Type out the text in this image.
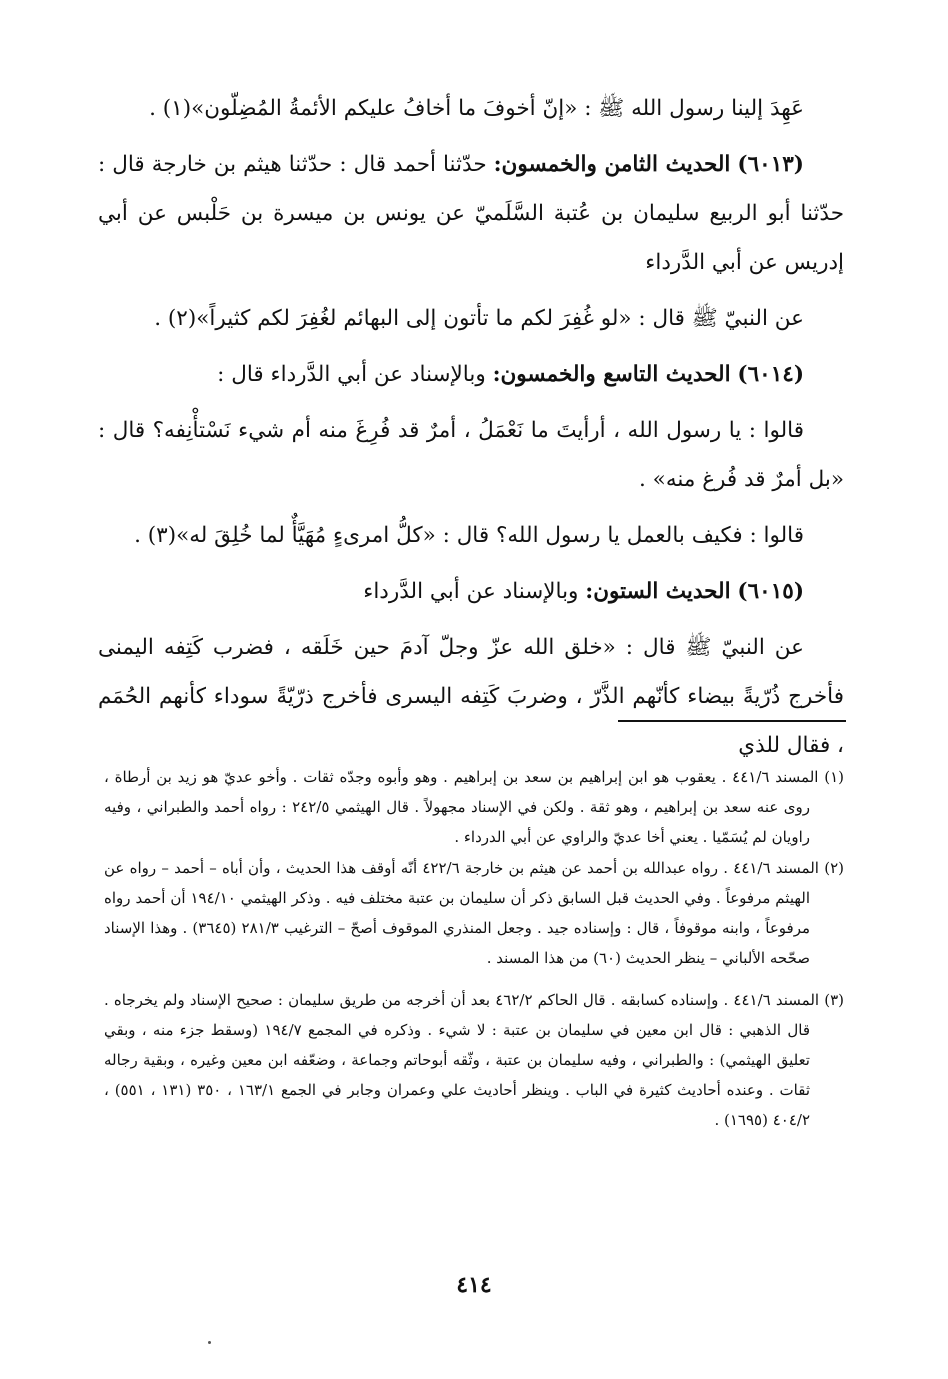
عَهِدَ إلينا رسول الله ﷺ : «إنّ أخوفَ ما أخافُ عليكم الأئمةُ المُضِلّون»(١) .

(٦٠١٣) الحديث الثامن والخمسون: حدّثنا أحمد قال : حدّثنا هيثم بن خارجة قال : حدّثنا أبو الربيع سليمان بن عُتبة السَّلَميّ عن يونس بن ميسرة بن حَلْبس عن أبي إدريس عن أبي الدَّرداء

عن النبيّ ﷺ قال : «لو غُفِرَ لكم ما تأتون إلى البهائم لغُفِرَ لكم كثيراً»(٢) .

(٦٠١٤) الحديث التاسع والخمسون: وبالإسناد عن أبي الدَّرداء قال :

قالوا : يا رسول الله ، أرأيتَ ما نَعْمَلُ ، أمرٌ قد فُرِغَ منه أم شيء نَسْتأْنِفه؟ قال : «بل أمرٌ قد فُرغ منه» .

قالوا : فكيف بالعمل يا رسول الله؟ قال : «كلُّ امرىءٍ مُهَيَّأٌ لما خُلِقَ له»(٣) .

(٦٠١٥) الحديث الستون: وبالإسناد عن أبي الدَّرداء

عن النبيّ ﷺ قال : «خلق الله عزّ وجلّ آدمَ حين خَلَقه ، فضرب كَتِفه اليمنى فأخرج ذُرّيةً بيضاء كأنّهم الذَّرّ ، وضربَ كَتِفه اليسرى فأخرج ذرّيّةً سوداء كأنهم الحُمَم ، فقال للذي

(١) المسند ٤٤١/٦ . يعقوب هو ابن إبراهيم بن سعد بن إبراهيم . وهو وأبوه وجدّه ثقات . وأخو عديّ هو زيد بن أرطاة ، روى عنه سعد بن إبراهيم ، وهو ثقة . ولكن في الإسناد مجهولاً . قال الهيثمي ٢٤٢/٥ : رواه أحمد والطبراني ، وفيه راويان لم يُسَمّيا . يعني أخا عديّ والراوي عن أبي الدرداء .

(٢) المسند ٤٤١/٦ . رواه عبدالله بن أحمد عن هيثم بن خارجة ٤٢٢/٦ أنّه أوقف هذا الحديث ، وأن أباه – أحمد – رواه عن الهيثم مرفوعاً . وفي الحديث قبل السابق ذكر أن سليمان بن عتبة مختلف فيه . وذكر الهيثمي ١٩٤/١٠ أن أحمد رواه مرفوعاً ، وابنه موقوفاً ، قال : وإسناده جيد . وجعل المنذري الموقوف أصحّ – الترغيب ٢٨١/٣ (٣٦٤٥) . وهذا الإسناد صحّحه الألباني – ينظر الحديث (٦٠) من هذا المسند .

(٣) المسند ٤٤١/٦ . وإسناده كسابقه . قال الحاكم ٤٦٢/٢ بعد أن أخرجه من طريق سليمان : صحيح الإسناد ولم يخرجاه . قال الذهبي : قال ابن معين في سليمان بن عتبة : لا شيء . وذكره في المجمع ١٩٤/٧ (وسقط جزء منه ، وبقي تعليق الهيثمي) : والطبراني ، وفيه سليمان بن عتبة ، وثّقه أبوحاتم وجماعة ، وضعّفه ابن معين وغيره ، وبقية رجاله ثقات . وعنده أحاديث كثيرة في الباب . وينظر أحاديث علي وعمران وجابر في الجمع ١٦٣/١ ، ٣٥٠ (١٣١ ، ٥٥١) ، ٤٠٤/٢ (١٦٩٥) .

٤١٤
